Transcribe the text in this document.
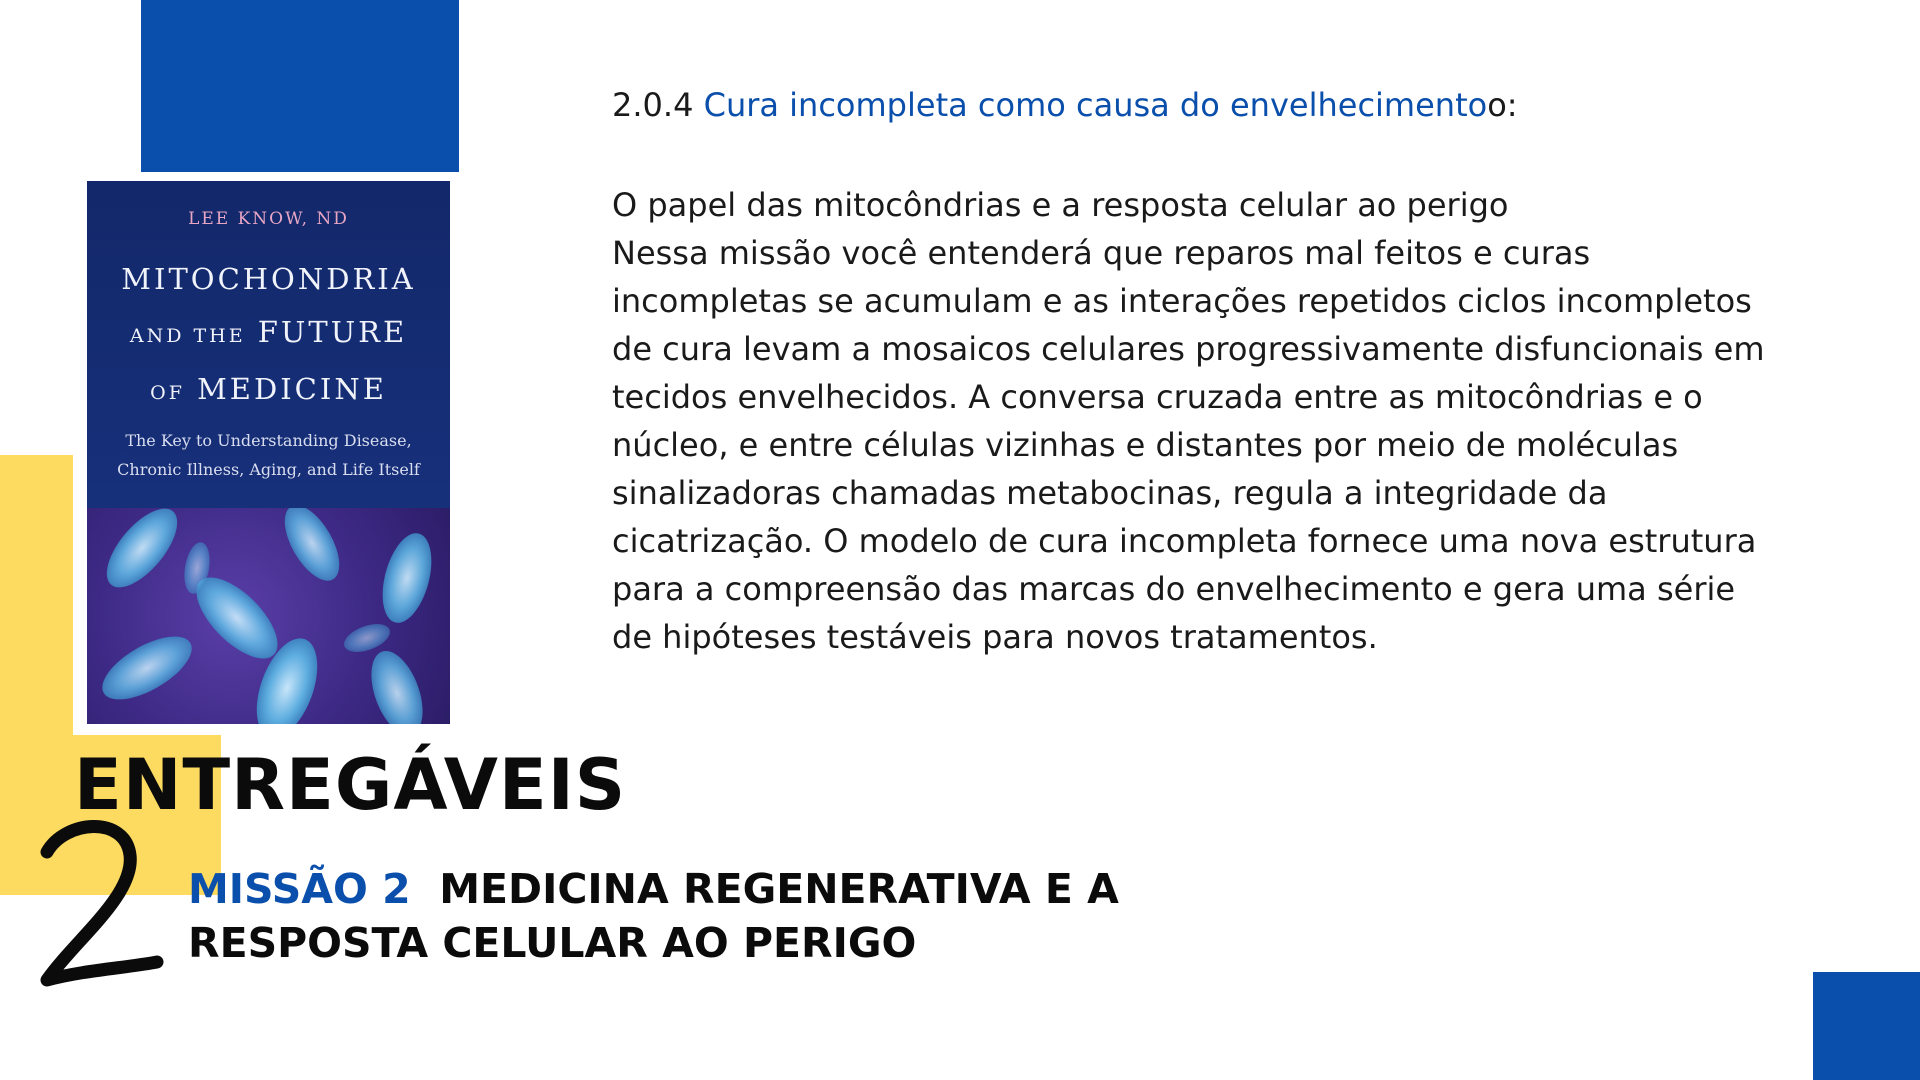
LEE KNOW, ND
MITOCHONDRIA
AND THE FUTURE
OF MEDICINE
The Key to Understanding Disease,
Chronic Illness, Aging, and Life Itself
2.0.4 Cura incompleta como causa do envelhecimentoo:

O papel das mitocôndrias e a resposta celular ao perigo

Nessa missão você entenderá que reparos mal feitos e curas incompletas se acumulam e as interações repetidos ciclos incompletos de cura levam a mosaicos celulares progressivamente disfuncionais em tecidos envelhecidos. A conversa cruzada entre as mitocôndrias e o núcleo, e entre células vizinhas e distantes por meio de moléculas sinalizadoras chamadas metabocinas, regula a integridade da cicatrização. O modelo de cura incompleta fornece uma nova estrutura para a compreensão das marcas do envelhecimento e gera uma série de hipóteses testáveis para novos tratamentos.

ENTREGÁVEIS
MISSÃO 2 MEDICINA REGENERATIVA E A
RESPOSTA CELULAR AO PERIGO
